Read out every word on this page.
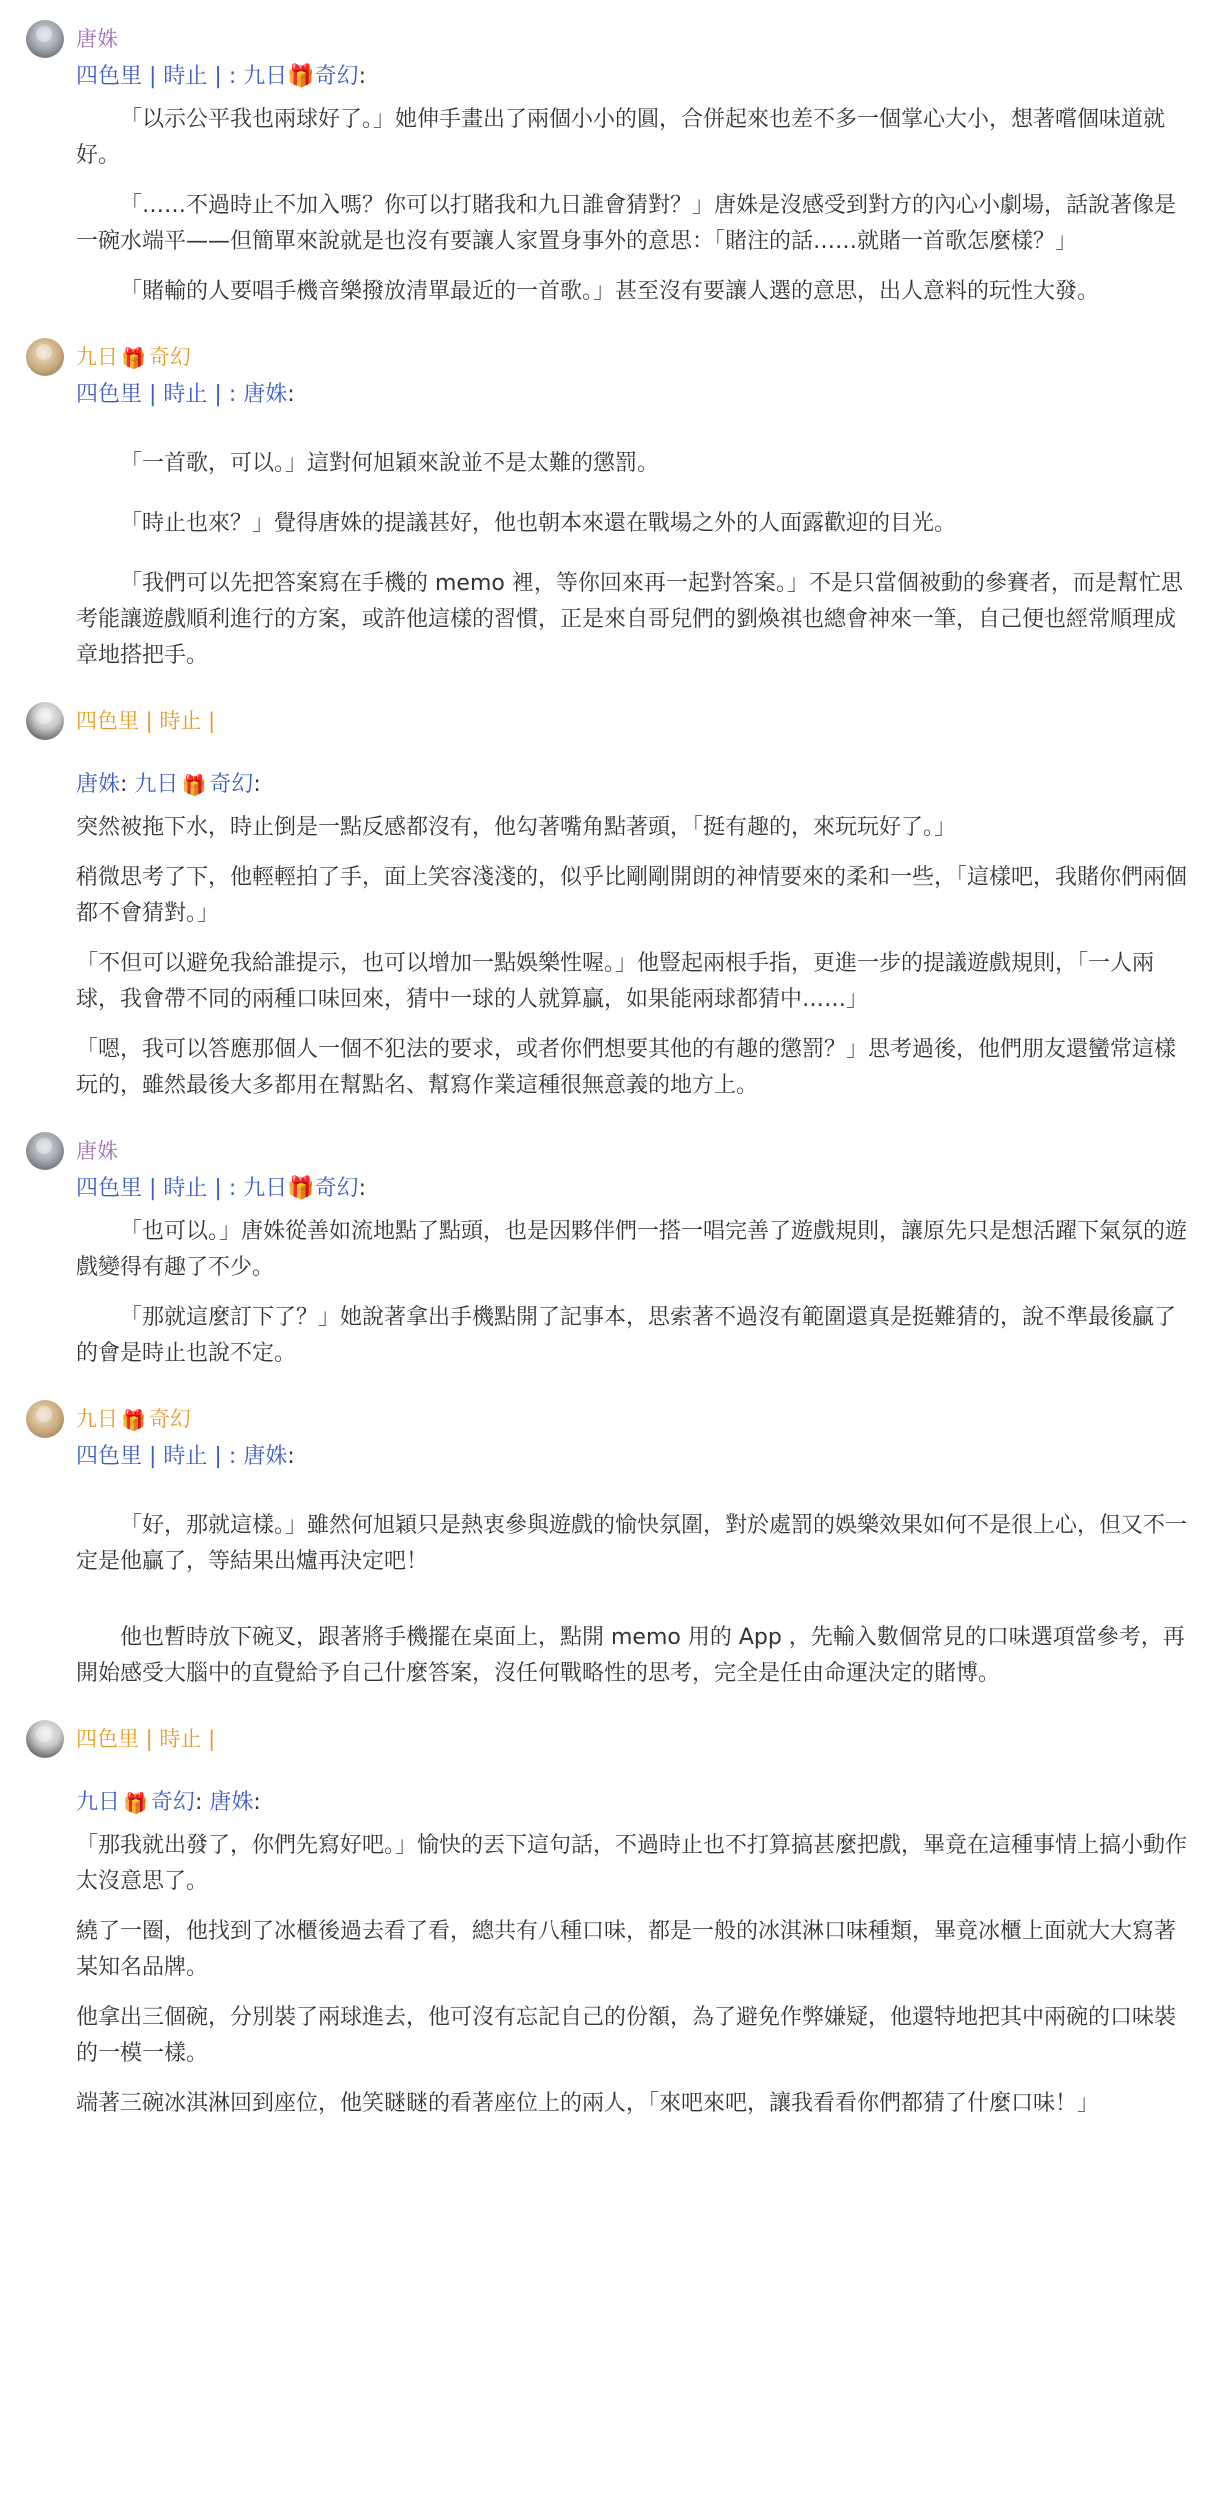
唐姝
四色里 | 時止 | : 九日🎁奇幻:
「以示公平我也兩球好了。」她伸手畫出了兩個小小的圓，合併起來也差不多一個掌心大小，想著嚐個味道就好。
「……不過時止不加入嗎？你可以打賭我和九日誰會猜對？」唐姝是沒感受到對方的內心小劇場，話說著像是一碗水端平——但簡單來說就是也沒有要讓人家置身事外的意思：「賭注的話……就賭一首歌怎麼樣？」
「賭輸的人要唱手機音樂撥放清單最近的一首歌。」甚至沒有要讓人選的意思，出人意料的玩性大發。
九日 🎁 奇幻
四色里 | 時止 | : 唐姝:
「一首歌，可以。」這對何旭穎來說並不是太難的懲罰。
「時止也來？」覺得唐姝的提議甚好，他也朝本來還在戰場之外的人面露歡迎的目光。
「我們可以先把答案寫在手機的 memo 裡，等你回來再一起對答案。」不是只當個被動的參賽者，而是幫忙思考能讓遊戲順利進行的方案，或許他這樣的習慣，正是來自哥兒們的劉煥祺也總會神來一筆，自己便也經常順理成章地搭把手。
四色里 | 時止 |
唐姝: 九日 🎁 奇幻:
突然被拖下水，時止倒是一點反感都沒有，他勾著嘴角點著頭，「挺有趣的，來玩玩好了。」
稍微思考了下，他輕輕拍了手，面上笑容淺淺的，似乎比剛剛開朗的神情要來的柔和一些，「這樣吧，我賭你們兩個都不會猜對。」
「不但可以避免我給誰提示，也可以增加一點娛樂性喔。」他豎起兩根手指，更進一步的提議遊戲規則，「一人兩球，我會帶不同的兩種口味回來，猜中一球的人就算贏，如果能兩球都猜中……」
「嗯，我可以答應那個人一個不犯法的要求，或者你們想要其他的有趣的懲罰？」思考過後，他們朋友還蠻常這樣玩的，雖然最後大多都用在幫點名、幫寫作業這種很無意義的地方上。
唐姝
四色里 | 時止 | : 九日🎁奇幻:
「也可以。」唐姝從善如流地點了點頭，也是因夥伴們一搭一唱完善了遊戲規則，讓原先只是想活躍下氣氛的遊戲變得有趣了不少。
「那就這麼訂下了？」她說著拿出手機點開了記事本，思索著不過沒有範圍還真是挺難猜的，說不準最後贏了的會是時止也說不定。
九日 🎁 奇幻
四色里 | 時止 | : 唐姝:
「好，那就這樣。」雖然何旭穎只是熱衷參與遊戲的愉快氛圍，對於處罰的娛樂效果如何不是很上心，但又不一定是他贏了，等結果出爐再決定吧！
他也暫時放下碗叉，跟著將手機擺在桌面上，點開 memo 用的 App ，先輸入數個常見的口味選項當參考，再開始感受大腦中的直覺給予自己什麼答案，沒任何戰略性的思考，完全是任由命運決定的賭博。
四色里 | 時止 |
九日 🎁 奇幻: 唐姝:
「那我就出發了，你們先寫好吧。」愉快的丟下這句話，不過時止也不打算搞甚麼把戲，畢竟在這種事情上搞小動作太沒意思了。
繞了一圈，他找到了冰櫃後過去看了看，總共有八種口味，都是一般的冰淇淋口味種類，畢竟冰櫃上面就大大寫著某知名品牌。
他拿出三個碗，分別裝了兩球進去，他可沒有忘記自己的份額，為了避免作弊嫌疑，他還特地把其中兩碗的口味裝的一模一樣。
端著三碗冰淇淋回到座位，他笑瞇瞇的看著座位上的兩人，「來吧來吧，讓我看看你們都猜了什麼口味！」
